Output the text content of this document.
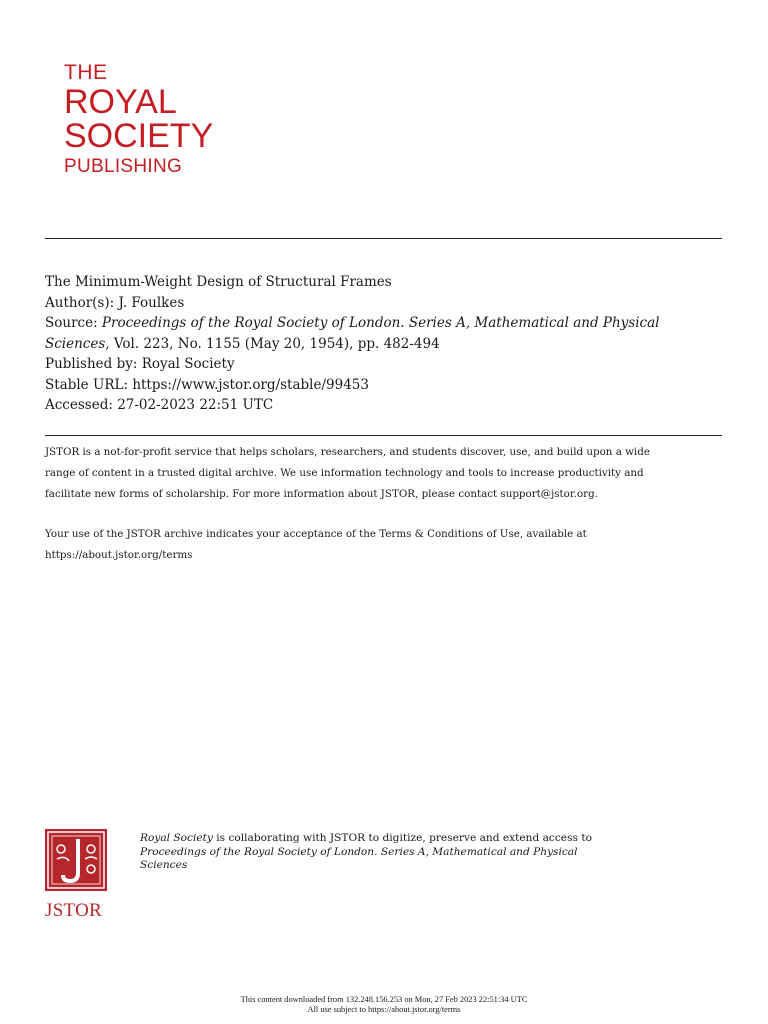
THE
ROYAL
SOCIETY
PUBLISHING
The Minimum-Weight Design of Structural Frames
Author(s): J. Foulkes
Source: Proceedings of the Royal Society of London. Series A, Mathematical and Physical Sciences, Vol. 223, No. 1155 (May 20, 1954), pp. 482-494
Published by: Royal Society
Stable URL: https://www.jstor.org/stable/99453
Accessed: 27-02-2023 22:51 UTC
JSTOR is a not-for-profit service that helps scholars, researchers, and students discover, use, and build upon a wide
range of content in a trusted digital archive. We use information technology and tools to increase productivity and
facilitate new forms of scholarship. For more information about JSTOR, please contact support@jstor.org.
Your use of the JSTOR archive indicates your acceptance of the Terms & Conditions of Use, available at
https://about.jstor.org/terms
JSTOR
Royal Society is collaborating with JSTOR to digitize, preserve and extend access to
Proceedings of the Royal Society of London. Series A, Mathematical and Physical
Sciences
This content downloaded from 132.248.156.253 on Mon, 27 Feb 2023 22:51:34 UTC
All use subject to https://about.jstor.org/terms
